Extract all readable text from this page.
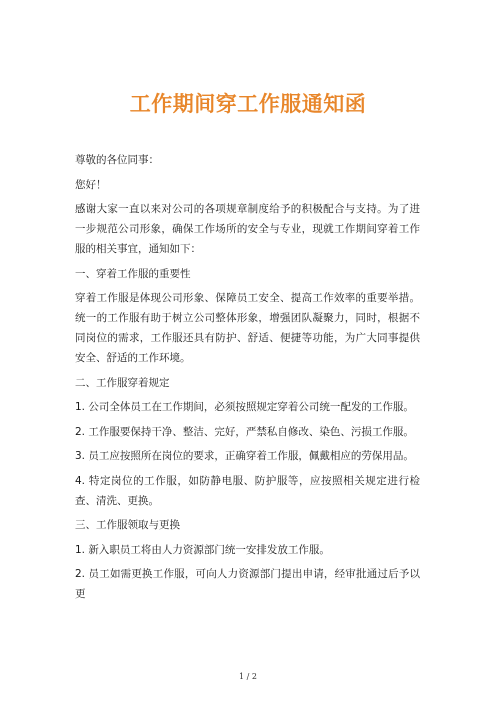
工作期间穿工作服通知函

尊敬的各位同事：

您好！

感谢大家一直以来对公司的各项规章制度给予的积极配合与支持。为了进一步规范公司形象，确保工作场所的安全与专业，现就工作期间穿着工作服的相关事宜，通知如下：

一、穿着工作服的重要性

穿着工作服是体现公司形象、保障员工安全、提高工作效率的重要举措。统一的工作服有助于树立公司整体形象，增强团队凝聚力，同时，根据不同岗位的需求，工作服还具有防护、舒适、便捷等功能，为广大同事提供安全、舒适的工作环境。

二、工作服穿着规定

1. 公司全体员工在工作期间，必须按照规定穿着公司统一配发的工作服。

2. 工作服要保持干净、整洁、完好，严禁私自修改、染色、污损工作服。

3. 员工应按照所在岗位的要求，正确穿着工作服，佩戴相应的劳保用品。

4. 特定岗位的工作服，如防静电服、防护服等，应按照相关规定进行检查、清洗、更换。

三、工作服领取与更换

1. 新入职员工将由人力资源部门统一安排发放工作服。

2. 员工如需更换工作服，可向人力资源部门提出申请，经审批通过后予以更

1 / 2
